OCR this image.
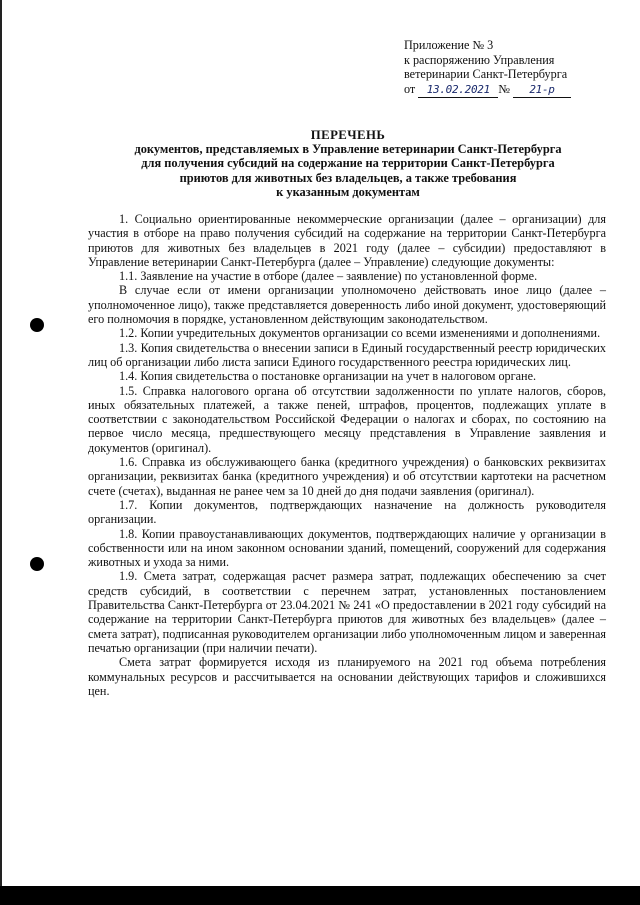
Приложение № 3
к распоряжению Управления
ветеринарии Санкт-Петербурга
от 13.02.2021 № 21-р
ПЕРЕЧЕНЬ
документов, представляемых в Управление ветеринарии Санкт-Петербурга
для получения субсидий на содержание на территории Санкт-Петербурга
приютов для животных без владельцев, а также требования
к указанным документам

1. Социально ориентированные некоммерческие организации (далее – организации) для участия в отборе на право получения субсидий на содержание на территории Санкт-Петербурга приютов для животных без владельцев в 2021 году (далее – субсидии) предоставляют в Управление ветеринарии Санкт-Петербурга (далее – Управление) следующие документы:

1.1. Заявление на участие в отборе (далее – заявление) по установленной форме.

В случае если от имени организации уполномочено действовать иное лицо (далее – уполномоченное лицо), также представляется доверенность либо иной документ, удостоверяющий его полномочия в порядке, установленном действующим законодательством.

1.2. Копии учредительных документов организации со всеми изменениями и дополнениями.

1.3. Копия свидетельства о внесении записи в Единый государственный реестр юридических лиц об организации либо листа записи Единого государственного реестра юридических лиц.

1.4. Копия свидетельства о постановке организации на учет в налоговом органе.

1.5. Справка налогового органа об отсутствии задолженности по уплате налогов, сборов, иных обязательных платежей, а также пеней, штрафов, процентов, подлежащих уплате в соответствии с законодательством Российской Федерации о налогах и сборах, по состоянию на первое число месяца, предшествующего месяцу представления в Управление заявления и документов (оригинал).

1.6. Справка из обслуживающего банка (кредитного учреждения) о банковских реквизитах организации, реквизитах банка (кредитного учреждения) и об отсутствии картотеки на расчетном счете (счетах), выданная не ранее чем за 10 дней до дня подачи заявления (оригинал).

1.7. Копии документов, подтверждающих назначение на должность руководителя организации.

1.8. Копии правоустанавливающих документов, подтверждающих наличие у организации в собственности или на ином законном основании зданий, помещений, сооружений для содержания животных и ухода за ними.

1.9. Смета затрат, содержащая расчет размера затрат, подлежащих обеспечению за счет средств субсидий, в соответствии с перечнем затрат, установленных постановлением Правительства Санкт-Петербурга от 23.04.2021 № 241 «О предоставлении в 2021 году субсидий на содержание на территории Санкт-Петербурга приютов для животных без владельцев» (далее – смета затрат), подписанная руководителем организации либо уполномоченным лицом и заверенная печатью организации (при наличии печати).

Смета затрат формируется исходя из планируемого на 2021 год объема потребления коммунальных ресурсов и рассчитывается на основании действующих тарифов и сложившихся цен.
